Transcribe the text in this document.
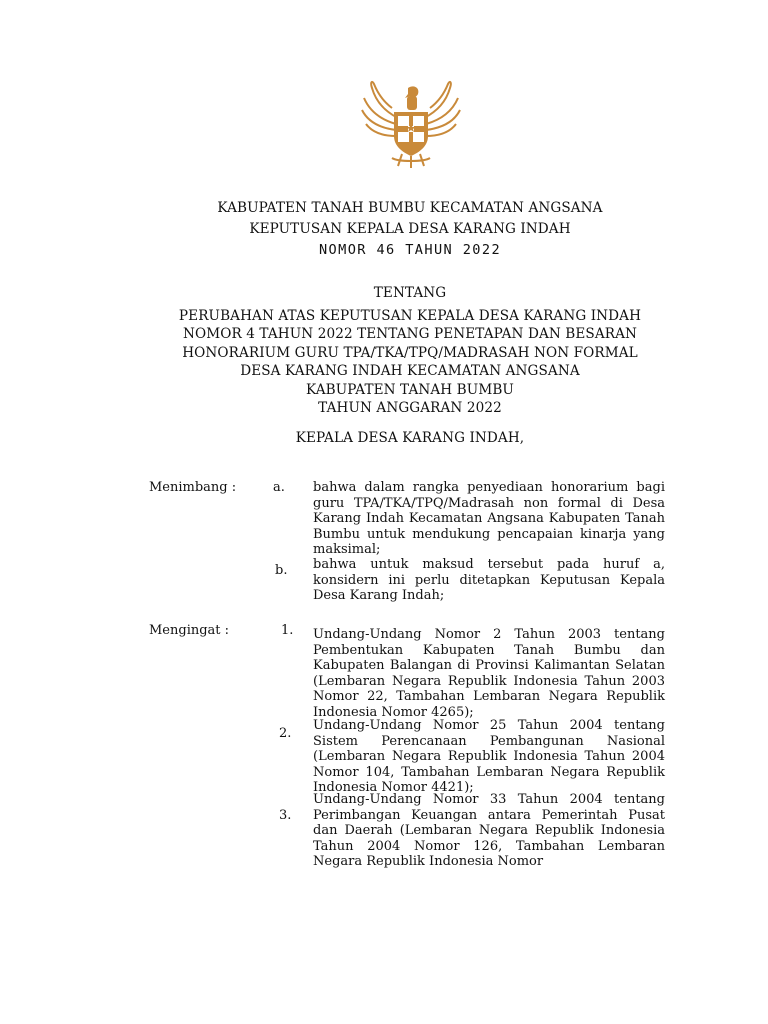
KABUPATEN TANAH BUMBU KECAMATAN ANGSANA
KEPUTUSAN KEPALA DESA KARANG INDAH
NOMOR 46 TAHUN 2022
TENTANG
PERUBAHAN ATAS KEPUTUSAN KEPALA DESA KARANG INDAH
NOMOR 4 TAHUN 2022 TENTANG PENETAPAN DAN BESARAN
HONORARIUM GURU TPA/TKA/TPQ/MADRASAH NON FORMAL
DESA KARANG INDAH KECAMATAN ANGSANA
KABUPATEN TANAH BUMBU
TAHUN ANGGARAN 2022
KEPALA DESA KARANG INDAH,
Menimbang :	a. bahwa dalam rangka penyediaan honorarium bagi guru TPA/TKA/TPQ/Madrasah non formal di Desa Karang Indah Kecamatan Angsana Kabupaten Tanah Bumbu untuk mendukung pencapaian kinarja yang maksimal;
b. bahwa untuk maksud tersebut pada huruf a, konsidern ini perlu ditetapkan Keputusan Kepala Desa Karang Indah;
Mengingat :	1. Undang-Undang Nomor 2 Tahun 2003 tentang Pembentukan Kabupaten Tanah Bumbu dan Kabupaten Balangan di Provinsi Kalimantan Selatan (Lembaran Negara Republik Indonesia Tahun 2003 Nomor 22, Tambahan Lembaran Negara Republik Indonesia Nomor 4265);
2.
Undang-Undang Nomor 25 Tahun 2004 tentang Sistem Perencanaan Pembangunan Nasional (Lembaran Negara Republik Indonesia Tahun 2004 Nomor 104, Tambahan Lembaran Negara Republik Indonesia Nomor 4421);
3.
Undang-Undang Nomor 33 Tahun 2004 tentang Perimbangan Keuangan antara Pemerintah Pusat dan Daerah (Lembaran Negara Republik Indonesia Tahun 2004 Nomor 126, Tambahan Lembaran Negara Republik Indonesia Nomor
